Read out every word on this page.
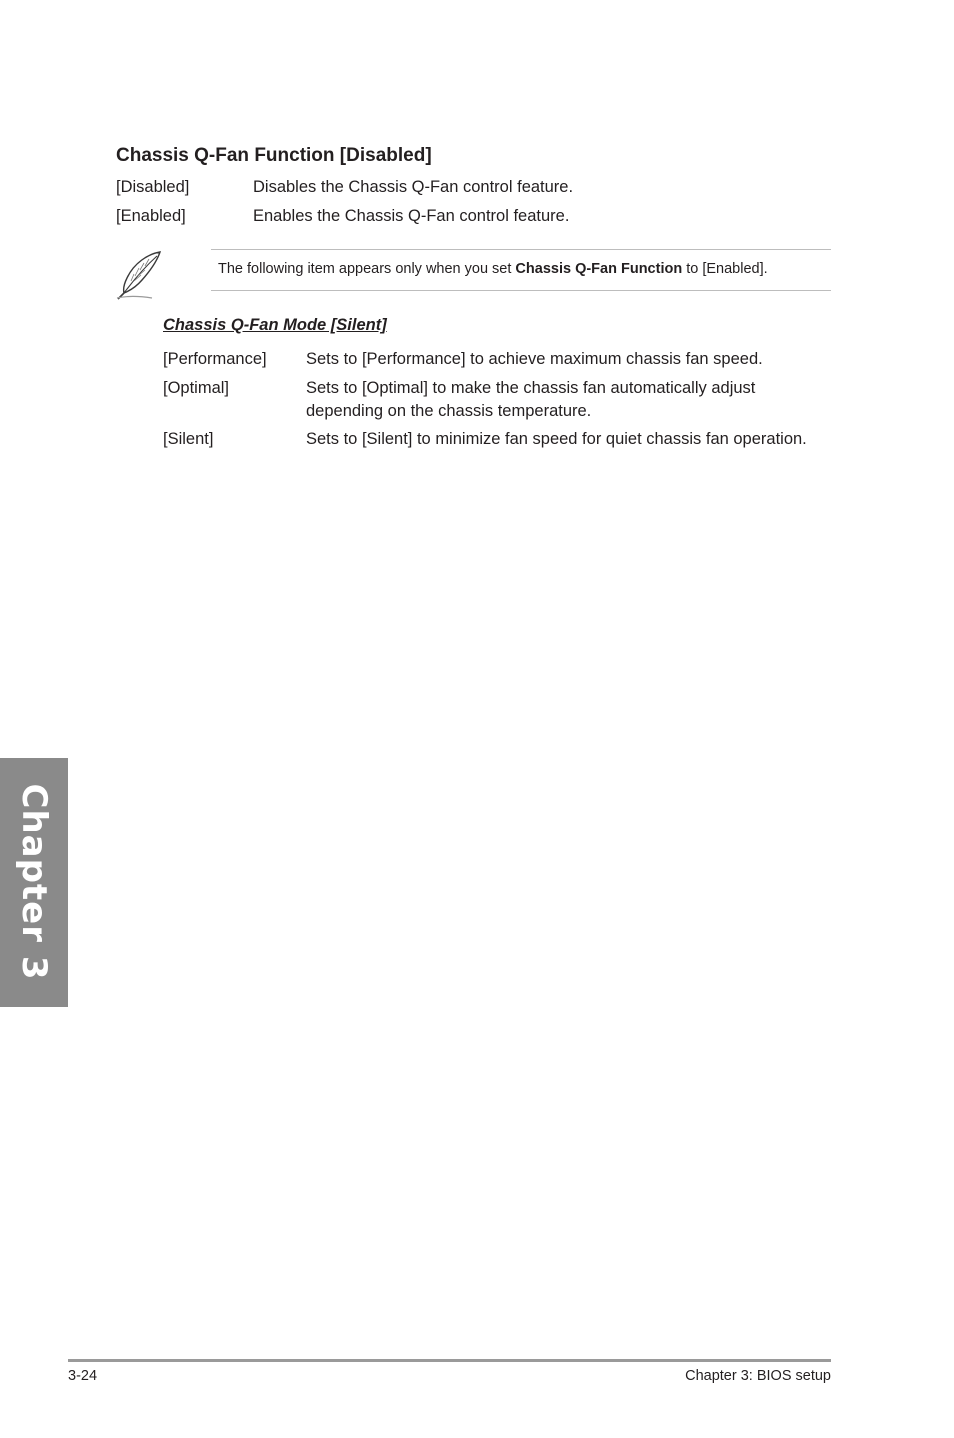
Chassis Q-Fan Function [Disabled]
[Disabled]	Disables the Chassis Q-Fan control feature.
[Enabled]	Enables the Chassis Q-Fan control feature.
The following item appears only when you set Chassis Q-Fan Function to [Enabled].
Chassis Q-Fan Mode [Silent]
[Performance] Sets to [Performance] to achieve maximum chassis fan speed.
[Optimal]	Sets to [Optimal] to make the chassis fan automatically adjust
depending on the chassis temperature.
[Silent]	Sets to [Silent] to minimize fan speed for quiet chassis fan operation.
Chapter 3
3-24	Chapter 3: BIOS setup
